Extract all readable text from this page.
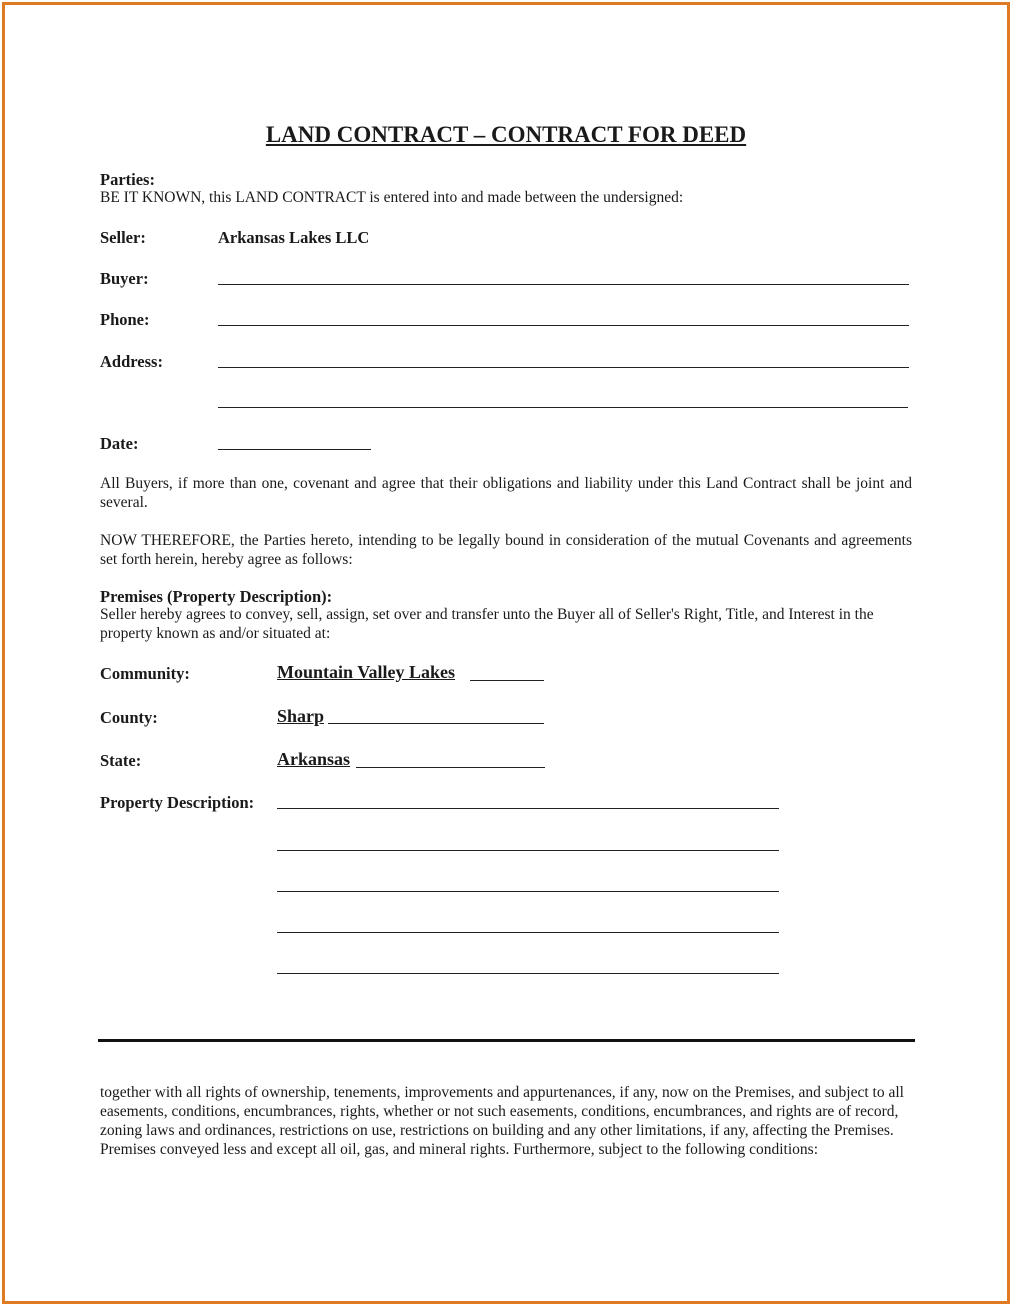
LAND CONTRACT – CONTRACT FOR DEED
Parties:
BE IT KNOWN, this LAND CONTRACT is entered into and made between the undersigned:
Seller:	Arkansas Lakes LLC
Buyer:
Phone:
Address:
Date:
All Buyers, if more than one, covenant and agree that their obligations and liability under this Land Contract shall be joint and several.
NOW THEREFORE, the Parties hereto, intending to be legally bound in consideration of the mutual Covenants and agreements set forth herein, hereby agree as follows:
Premises (Property Description):
Seller hereby agrees to convey, sell, assign, set over and transfer unto the Buyer all of Seller's Right, Title, and Interest in the property known as and/or situated at:
Community:	Mountain Valley Lakes
County:	Sharp
State:	Arkansas
Property Description:
together with all rights of ownership, tenements, improvements and appurtenances, if any, now on the Premises, and subject to all easements, conditions, encumbrances, rights, whether or not such easements, conditions, encumbrances, and rights are of record, zoning laws and ordinances, restrictions on use, restrictions on building and any other limitations, if any, affecting the Premises. Premises conveyed less and except all oil, gas, and mineral rights. Furthermore, subject to the following conditions:
